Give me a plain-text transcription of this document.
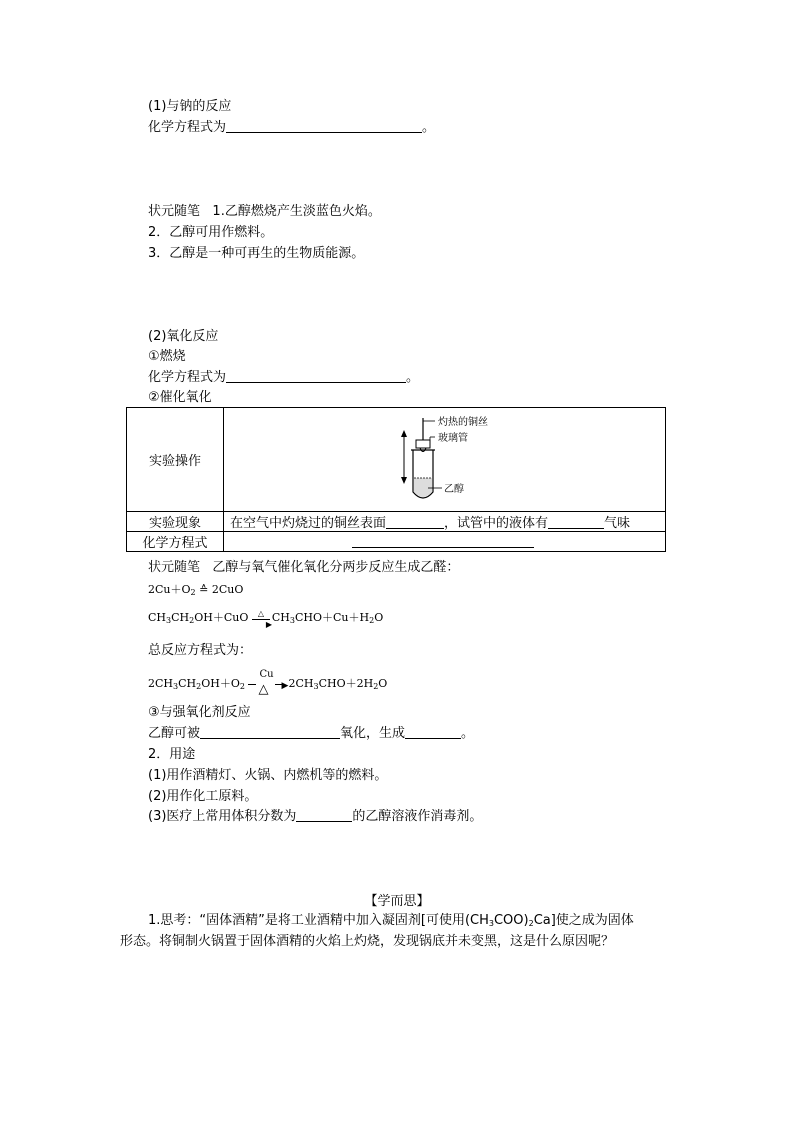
(1)与钠的反应
化学方程式为	。
状元随笔 1.乙醇燃烧产生淡蓝色火焰。
2．乙醇可用作燃料。
3．乙醇是一种可再生的生物质能源。
(2)氧化反应
①燃烧
化学方程式为	。
②催化氧化
实验操作	灼热的铜丝
玻璃管
乙醇

实验现象	在空气中灼烧过的铜丝表面 ，试管中的液体有 气味
化学方程式	
状元随笔 乙醇与氧气催化氧化分两步反应生成乙醛：
$2Cu+O_2$ ≙ 2CuO
$CH_3CH_2OH+CuO$ △
▶
$CH_3CHO+Cu+H_2O$
总反应方程式为：
$2CH_3CH_2OH+O_2$
Cu
△ ▶ $2CH_3CHO+2H_2O$
③与强氧化剂反应
乙醇可被	氧化，生成	。
2．用途
(1)用作酒精灯、火锅、内燃机等的燃料。
(2)用作化工原料。
(3)医疗上常用体积分数为	的乙醇溶液作消毒剂。
【学而思】
1.思考：“固体酒精”是将工业酒精中加入凝固剂[可使用$(CH_3COO)_2Ca$]使之成为固体
形态。将铜制火锅置于固体酒精的火焰上灼烧，发现锅底并未变黑，这是什么原因呢？
